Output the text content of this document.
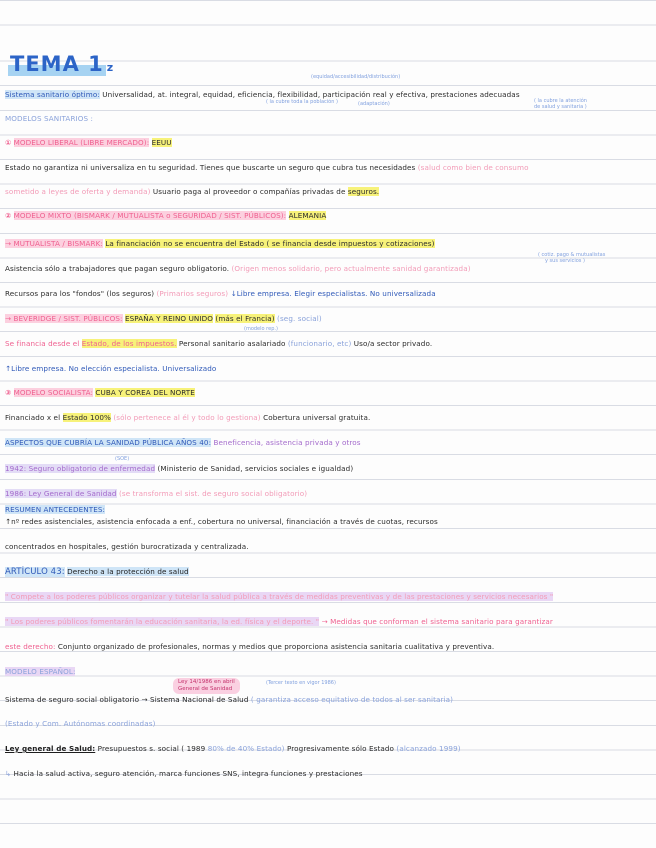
TEMA 1 z
(equidad/accesibilidad/distribución)
( la cubre toda la población )	(adaptación)	( la cubre la atención
de salud y sanitaria )
Sistema sanitario óptimo: Universalidad, at. integral, equidad, eficiencia, flexibilidad, participación real y efectiva, prestaciones adecuadas
MODELOS SANITARIOS :
① MODELO LIBERAL (LIBRE MERCADO): EEUU
Estado no garantiza ni universaliza en tu seguridad. Tienes que buscarte un seguro que cubra tus necesidades (salud como bien de consumo
sometido a leyes de oferta y demanda) Usuario paga al proveedor o compañías privadas de seguros.
② MODELO MIXTO (BISMARK / MUTUALISTA o SEGURIDAD / SIST. PÚBLICOS): ALEMANIA
( cotiz. pago & mutualistas
y sus servicios )
→ MUTUALISTA / BISMARK: La financiación no se encuentra del Estado ( se financia desde impuestos y cotizaciones)
Asistencia sólo a trabajadores que pagan seguro obligatorio. (Origen menos solidario, pero actualmente sanidad garantizada)
Recursos para los "fondos" (los seguros) (Primarios seguros) ↓Libre empresa. Elegir especialistas. No universalizada
(modelo rep.)
→ BEVERIDGE / SIST. PÚBLICOS: ESPAÑA Y REINO UNIDO (más el Francia) (seg. social)
Se financia desde el Estado, de los impuestos. Personal sanitario asalariado (funcionario, etc) Uso/a sector privado.
↑Libre empresa. No elección especialista. Universalizado
③ MODELO SOCIALISTA: CUBA Y COREA DEL NORTE
Financiado x el Estado 100% (sólo pertenece al él y todo lo gestiona) Cobertura universal gratuita.
ASPECTOS QUE CUBRÍA LA SANIDAD PÚBLICA AÑOS 40: Beneficencia, asistencia privada y otros
(SOE)
1942: Seguro obligatorio de enfermedad (Ministerio de Sanidad, servicios sociales e igualdad)
1986: Ley General de Sanidad (se transforma el sist. de seguro social obligatorio)
RESUMEN ANTECEDENTES:
↑nº redes asistenciales, asistencia enfocada a enf., cobertura no universal, financiación a través de cuotas, recursos
concentrados en hospitales, gestión burocratizada y centralizada.
ARTÍCULO 43: Derecho a la protección de salud
" Compete a los poderes públicos organizar y tutelar la salud pública a través de medidas preventivas y de las prestaciones y servicios necesarios "
" Los poderes públicos fomentarán la educación sanitaria, la ed. física y el deporte. " → Medidas que conforman el sistema sanitario para garantizar
este derecho: Conjunto organizado de profesionales, normas y medios que proporciona asistencia sanitaria cualitativa y preventiva.
MODELO ESPAÑOL:
Ley 14/1986 en abril
General de Sanidad
(Tercer texto en vigor 1986)
Sistema de seguro social obligatorio → Sistema Nacional de Salud ( garantiza acceso equitativo de todos al ser sanitaria)
(Estado y Com. Autónomas coordinadas)
Ley general de Salud: Presupuestos s. social ( 1989 80% de 40% Estado) Progresivamente sólo Estado (alcanzado 1999)
↳ Hacia la salud activa, seguro atención, marca funciones SNS, integra funciones y prestaciones
